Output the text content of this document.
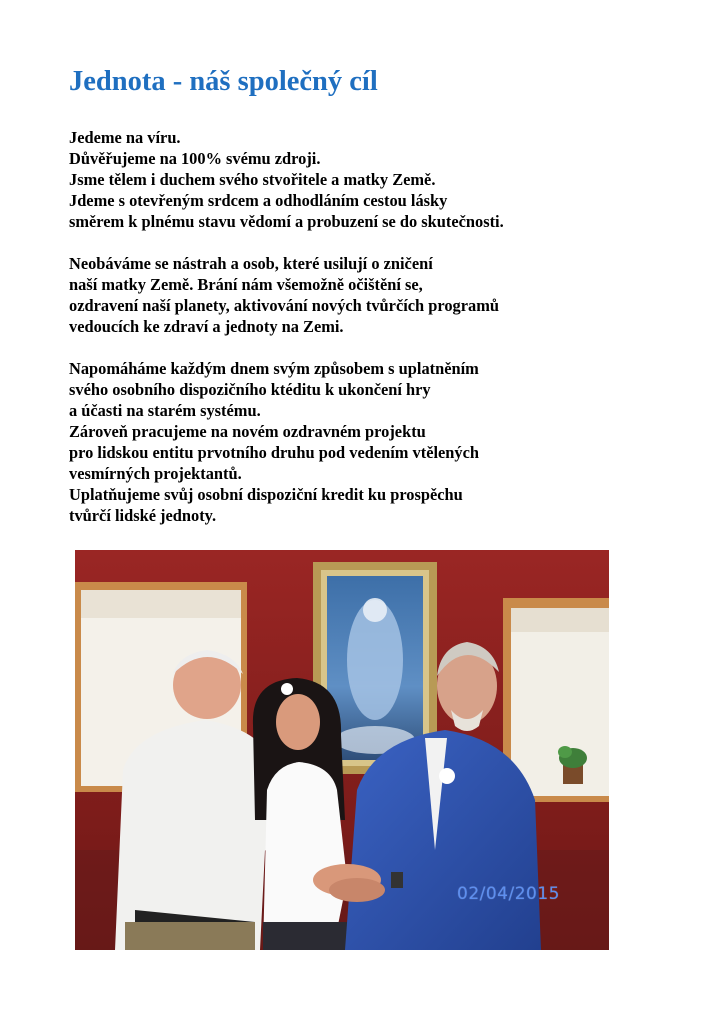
Jednota - náš společný cíl

Jedeme na víru.
Důvěřujeme na 100% svému zdroji.
Jsme tělem i duchem svého stvořitele a matky Země.
Jdeme s otevřeným srdcem a odhodláním cestou lásky
směrem k plnému stavu vědomí a probuzení se do skutečnosti.

Neobáváme se nástrah a osob, které usilují o zničení
naší matky Země. Brání nám všemožně očištění se,
ozdravení naší planety, aktivování nových tvůrčích programů
vedoucích ke zdraví a jednoty na Zemi.

Napomáháme každým dnem svým způsobem s uplatněním
svého osobního dispozičního ktéditu k ukončení hry
a účasti na starém systému.
Zároveň pracujeme na novém ozdravném projektu
pro lidskou entitu prvotního druhu pod vedením vtělených
vesmírných projektantů.
Uplatňujeme svůj osobní dispoziční kredit ku prospěchu
tvůrčí lidské jednoty.

02/04/2015
